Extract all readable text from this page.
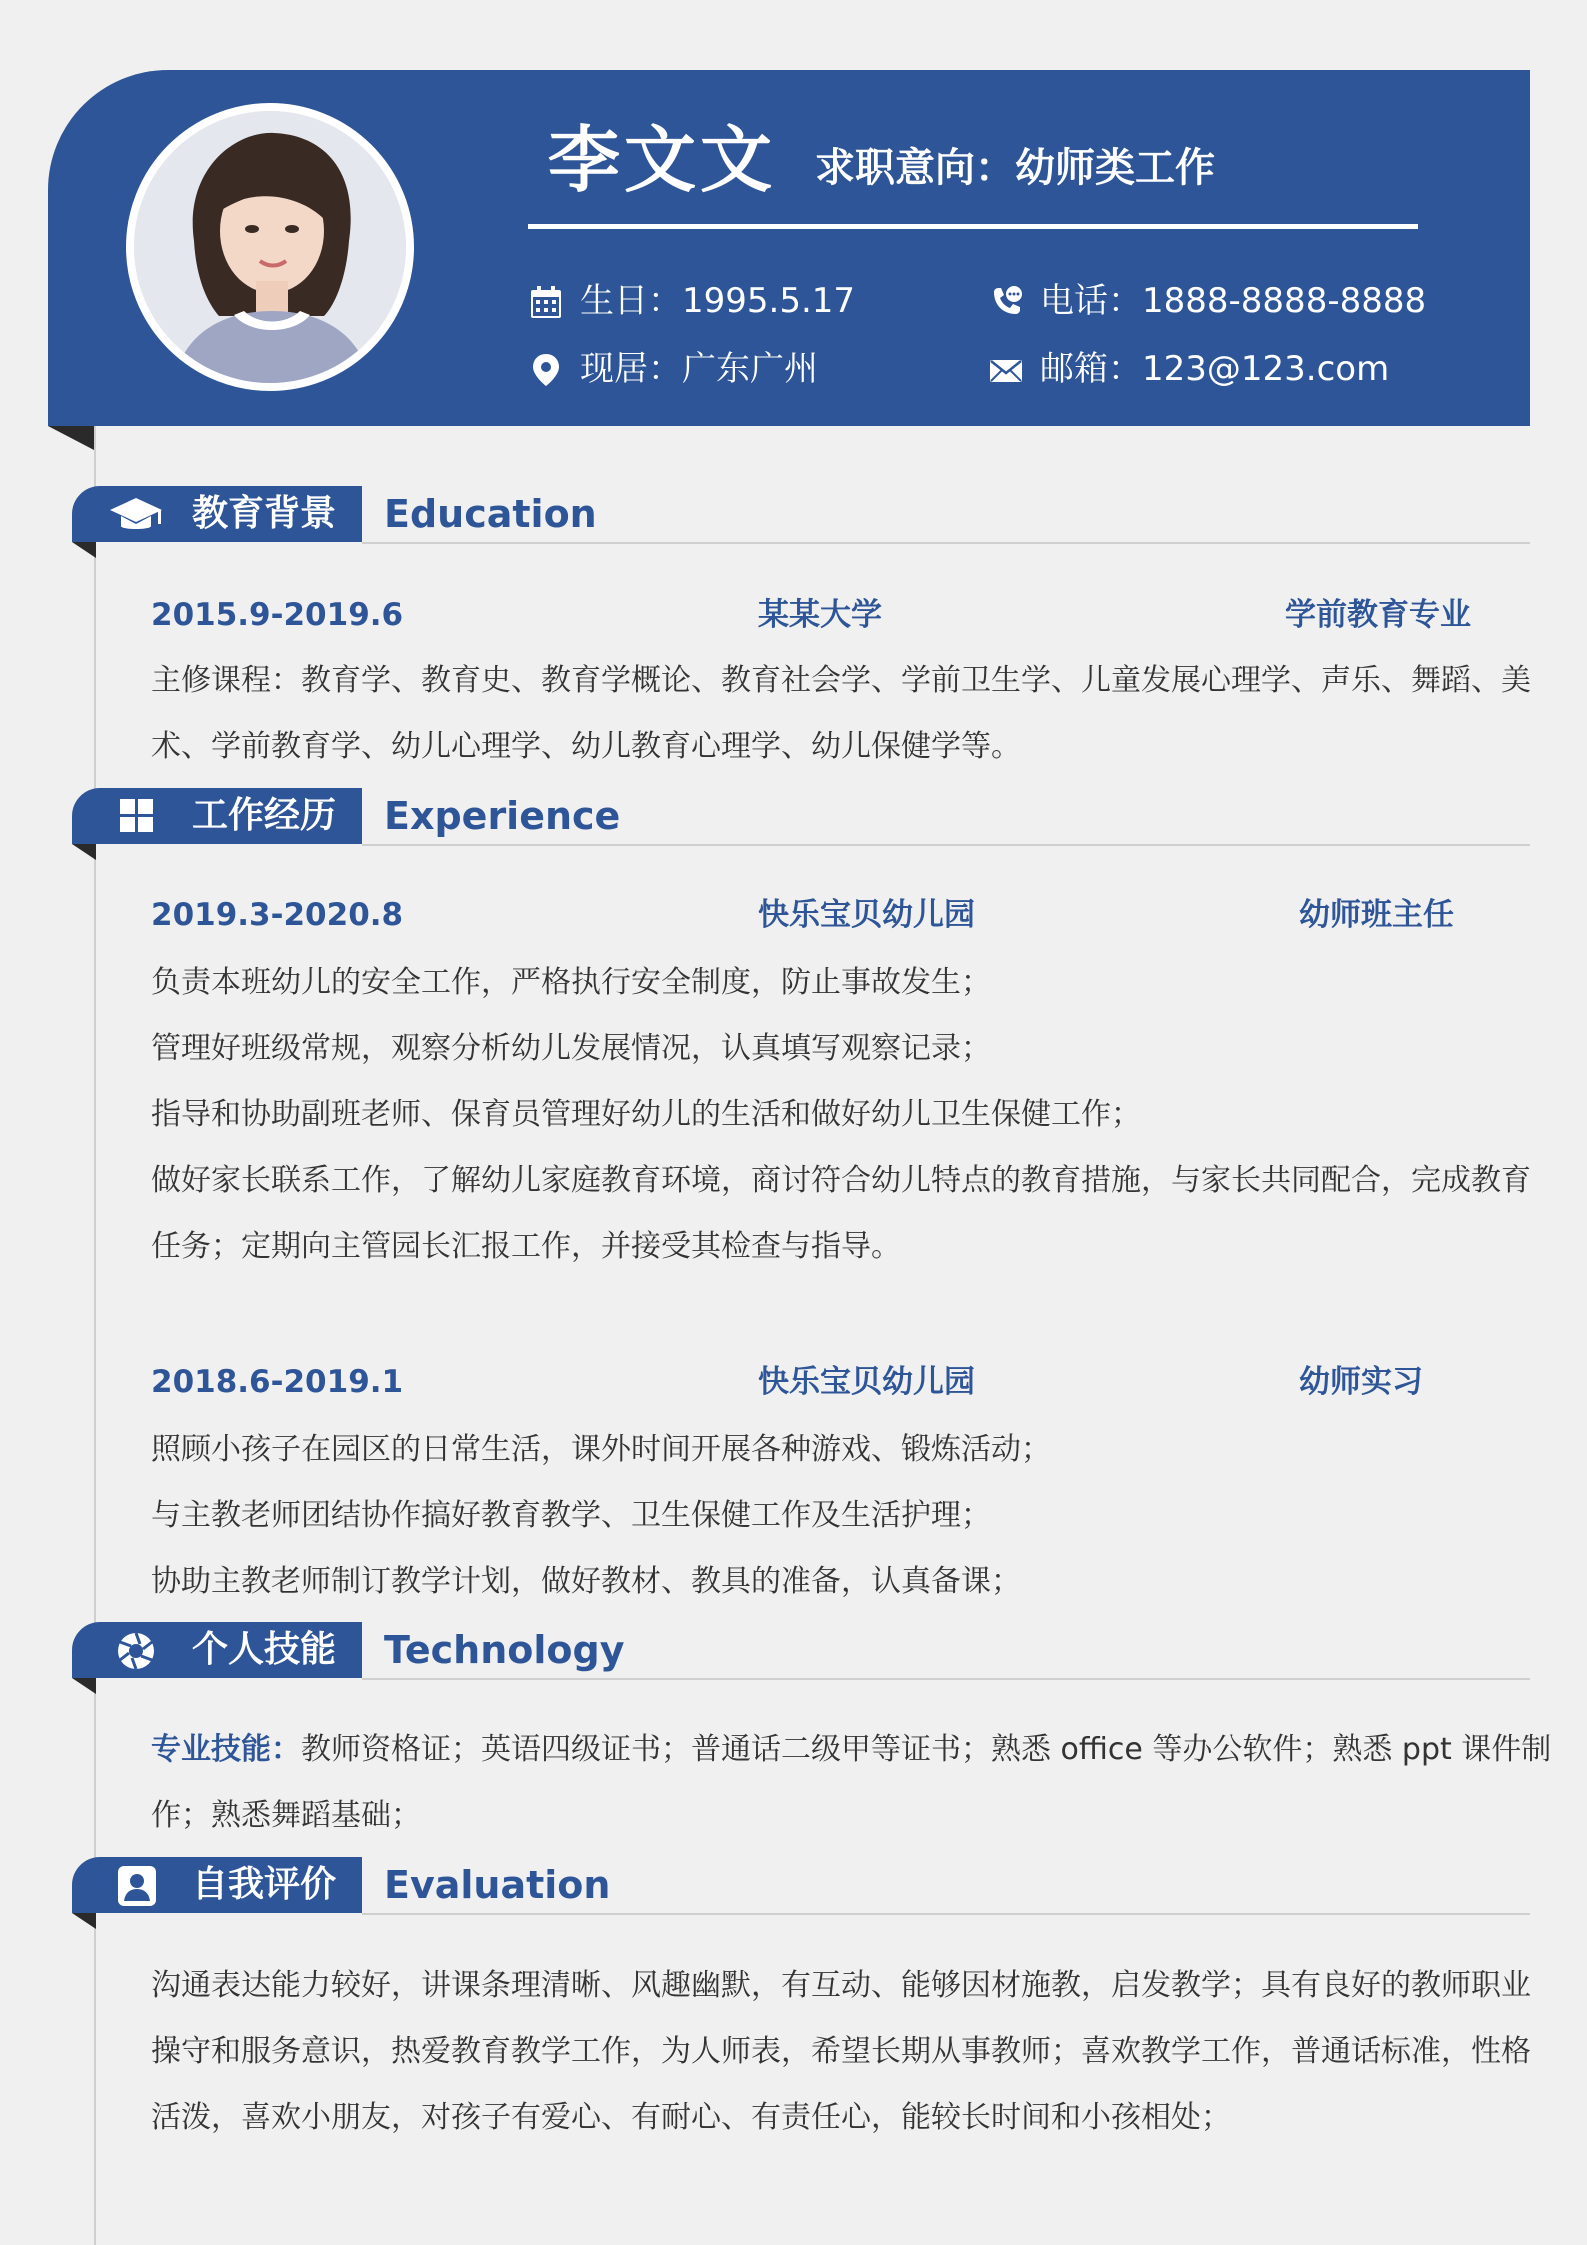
李文文 求职意向：幼师类工作
生日：1995.5.17
现居：广东广州
电话：1888-8888-8888
邮箱：123@123.com
教育背景 Education
2015.9-2019.6	某某大学	学前教育专业
主修课程：教育学、教育史、教育学概论、教育社会学、学前卫生学、儿童发展心理学、声乐、舞蹈、美
术、学前教育学、幼儿心理学、幼儿教育心理学、幼儿保健学等。
工作经历 Experience
2019.3-2020.8	快乐宝贝幼儿园	幼师班主任
负责本班幼儿的安全工作，严格执行安全制度，防止事故发生；
管理好班级常规，观察分析幼儿发展情况，认真填写观察记录；
指导和协助副班老师、保育员管理好幼儿的生活和做好幼儿卫生保健工作；
做好家长联系工作，了解幼儿家庭教育环境，商讨符合幼儿特点的教育措施，与家长共同配合，完成教育
任务；定期向主管园长汇报工作，并接受其检查与指导。
2018.6-2019.1	快乐宝贝幼儿园	幼师实习
照顾小孩子在园区的日常生活，课外时间开展各种游戏、锻炼活动；
与主教老师团结协作搞好教育教学、卫生保健工作及生活护理；
协助主教老师制订教学计划，做好教材、教具的准备，认真备课；
个人技能 Technology
专业技能：教师资格证；英语四级证书；普通话二级甲等证书；熟悉 office 等办公软件；熟悉 ppt 课件制
作；熟悉舞蹈基础；
自我评价 Evaluation
沟通表达能力较好，讲课条理清晰、风趣幽默，有互动、能够因材施教，启发教学；具有良好的教师职业
操守和服务意识，热爱教育教学工作，为人师表，希望长期从事教师；喜欢教学工作，普通话标准，性格
活泼，喜欢小朋友，对孩子有爱心、有耐心、有责任心，能较长时间和小孩相处；
